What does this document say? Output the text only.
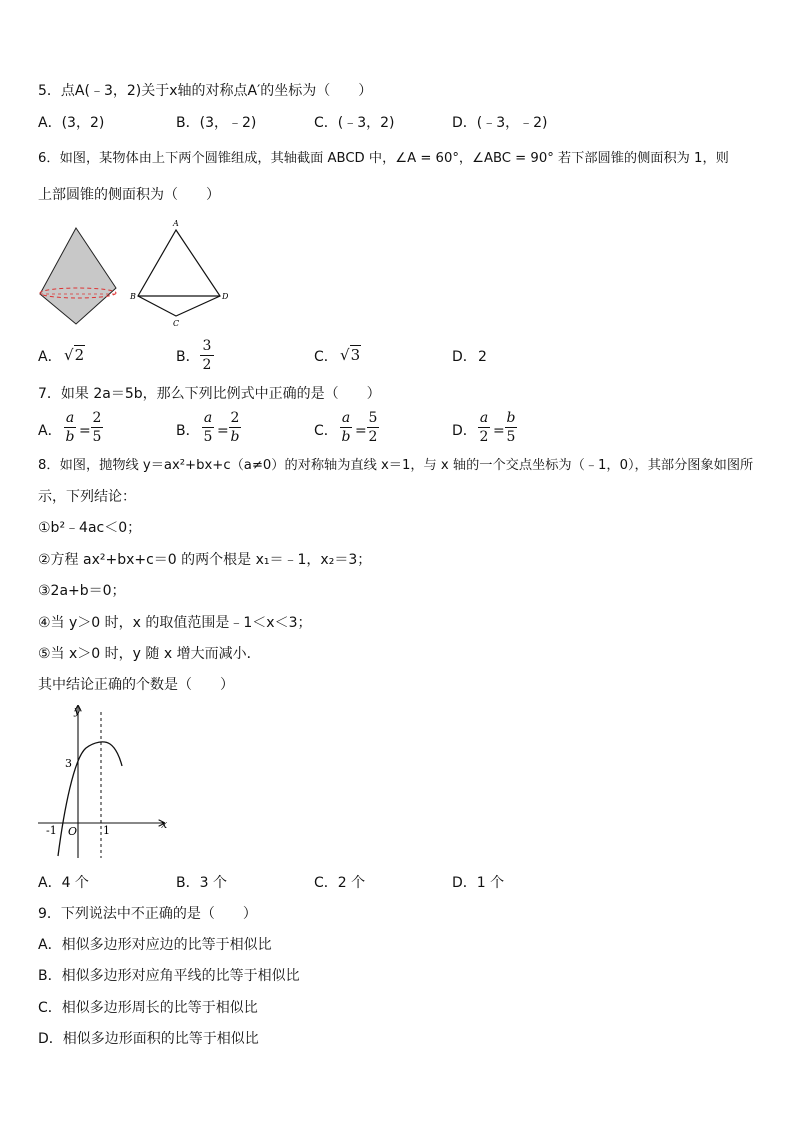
5．点A(﹣3，2)关于x轴的对称点A′的坐标为（　　）
A．(3，2)	B．(3，﹣2)	C．(﹣3，2)	D．(﹣3，﹣2)
6．如图，某物体由上下两个圆锥组成，其轴截面 ABCD 中，∠A = 60°，∠ABC = 90° 若下部圆锥的侧面积为 1，则
上部圆锥的侧面积为（　　）
A
B	D
C
A． √2	B．
3
2	C． √3	D． 2
7．如果 2a＝5b，那么下列比例式中正确的是（　　）
A．
a
b =
2
5	B．
a
5 =
2
b	C．
a
b =
5
2	D．
a
2 =
b
5
8．如图，抛物线 y＝ax²+bx+c（a≠0）的对称轴为直线 x＝1，与 x 轴的一个交点坐标为（﹣1，0），其部分图象如图所
示，下列结论：
①b²﹣4ac＜0；
②方程 ax²+bx+c＝0 的两个根是 x₁＝﹣1，x₂＝3；
③2a+b＝0；
④当 y＞0 时，x 的取值范围是﹣1＜x＜3；
⑤当 x＞0 时，y 随 x 增大而减小．
其中结论正确的个数是（　　）
y
x
3
-1 O 1
A．4 个	B．3 个	C．2 个	D．1 个
9．下列说法中不正确的是（　　）
A．相似多边形对应边的比等于相似比
B．相似多边形对应角平线的比等于相似比
C．相似多边形周长的比等于相似比
D．相似多边形面积的比等于相似比
